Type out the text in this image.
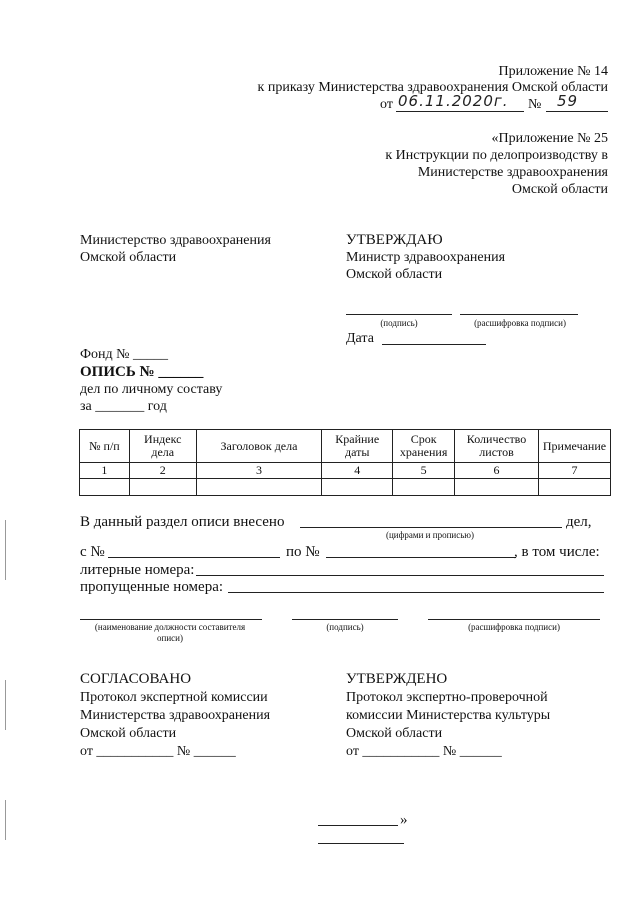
Приложение № 14
к приказу Министерства здравоохранения Омской области
от 06.11.2020г.	№ 59
«Приложение № 25
к Инструкции по делопроизводству в
Министерстве здравоохранения
Омской области
Министерство здравоохранения
Омской области
УТВЕРЖДАЮ
Министр здравоохранения
Омской области
(подпись)	(расшифровка подписи)
Дата
Фонд № _____
ОПИСЬ № ______
дел по личному составу
за _______ год
№ п/п	Индекс дела	Заголовок дела	Крайние даты	Срок хранения	Количество листов	Примечание
1	2	3	4	5	6	7

В данный раздел описи внесено	дел,
(цифрами и прописью)
с №	по №	, в том числе:
литерные номера:
пропущенные номера:
(наименование должности составителя описи)
(подпись)	(расшифровка подписи)
СОГЛАСОВАНО
Протокол экспертной комиссии
Министерства здравоохранения
Омской области
от ___________ № ______
УТВЕРЖДЕНО
Протокол экспертно-проверочной
комиссии Министерства культуры
Омской области
от ___________ № ______
»
